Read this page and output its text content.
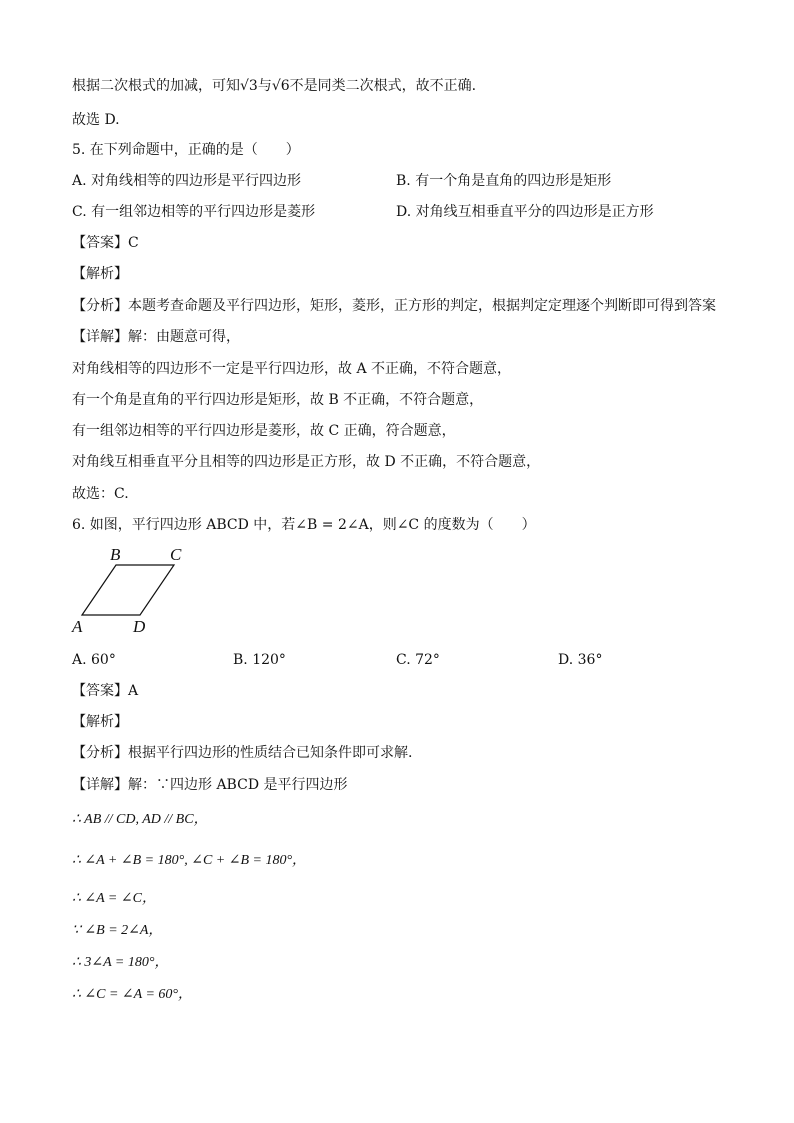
根据二次根式的加减，可知√3与√6不是同类二次根式，故不正确.
故选 D.
5. 在下列命题中，正确的是（　　）
A. 对角线相等的四边形是平行四边形	B. 有一个角是直角的四边形是矩形
C. 有一组邻边相等的平行四边形是菱形	D. 对角线互相垂直平分的四边形是正方形
【答案】C
【解析】
【分析】本题考查命题及平行四边形，矩形，菱形，正方形的判定，根据判定定理逐个判断即可得到答案
【详解】解：由题意可得，
对角线相等的四边形不一定是平行四边形，故 A 不正确，不符合题意，
有一个角是直角的平行四边形是矩形，故 B 不正确，不符合题意，
有一组邻边相等的平行四边形是菱形，故 C 正确，符合题意，
对角线互相垂直平分且相等的四边形是正方形，故 D 不正确，不符合题意，
故选：C.
6. 如图，平行四边形 ABCD 中，若∠B = 2∠A，则∠C 的度数为（　　）
B	C
A	D
A. 60°	B. 120°	C. 72°	D. 36°
【答案】A
【解析】
【分析】根据平行四边形的性质结合已知条件即可求解.
【详解】解：∵四边形 ABCD 是平行四边形
∴ AB // CD, AD // BC，
∴ ∠A + ∠B = 180°, ∠C + ∠B = 180°，
∴ ∠A = ∠C，
∵ ∠B = 2∠A，
∴ 3∠A = 180°，
∴ ∠C = ∠A = 60°，
